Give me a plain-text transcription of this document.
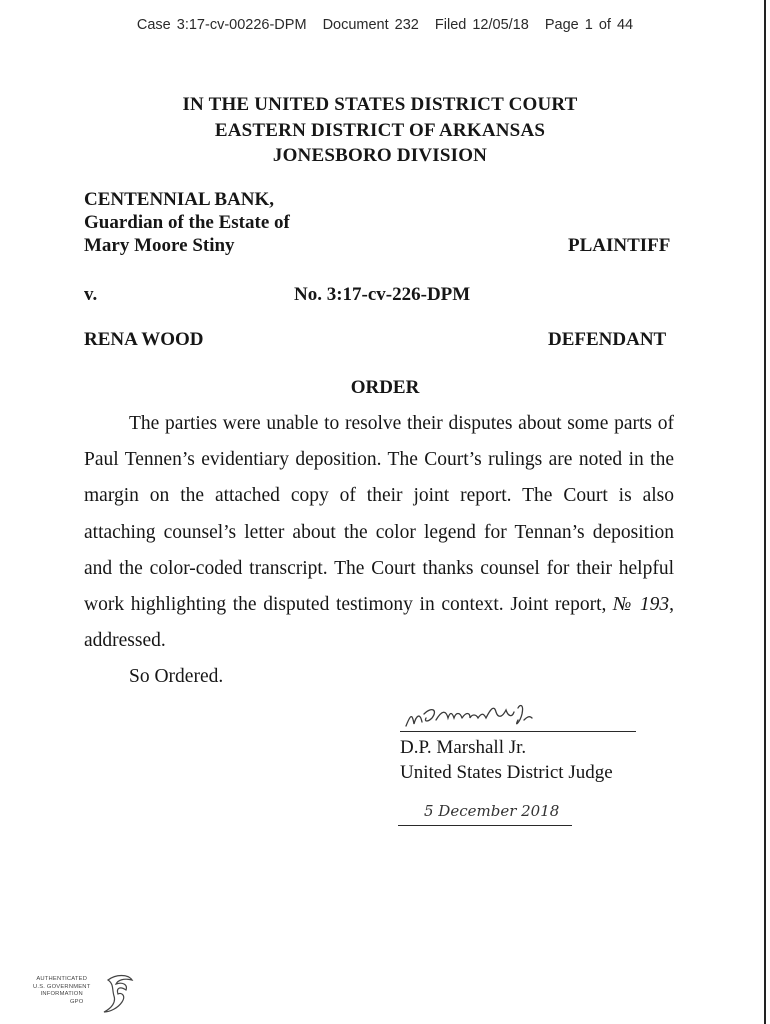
Case 3:17-cv-00226-DPM Document 232 Filed 12/05/18 Page 1 of 44
IN THE UNITED STATES DISTRICT COURT
EASTERN DISTRICT OF ARKANSAS
JONESBORO DIVISION
CENTENNIAL BANK,
Guardian of the Estate of
Mary Moore Stiny	PLAINTIFF
v.	No. 3:17-cv-226-DPM
RENA WOOD	DEFENDANT
ORDER

The parties were unable to resolve their disputes about some parts of Paul Tennen’s evidentiary deposition. The Court’s rulings are noted in the margin on the attached copy of their joint report. The Court is also attaching counsel’s letter about the color legend for Tennan’s deposition and the color-coded transcript. The Court thanks counsel for their helpful work highlighting the disputed testimony in context. Joint report, № 193, addressed.

So Ordered.

D.P. Marshall Jr.
United States District Judge
5 December 2018
AUTHENTICATED
U.S. GOVERNMENT
INFORMATION
GPO
